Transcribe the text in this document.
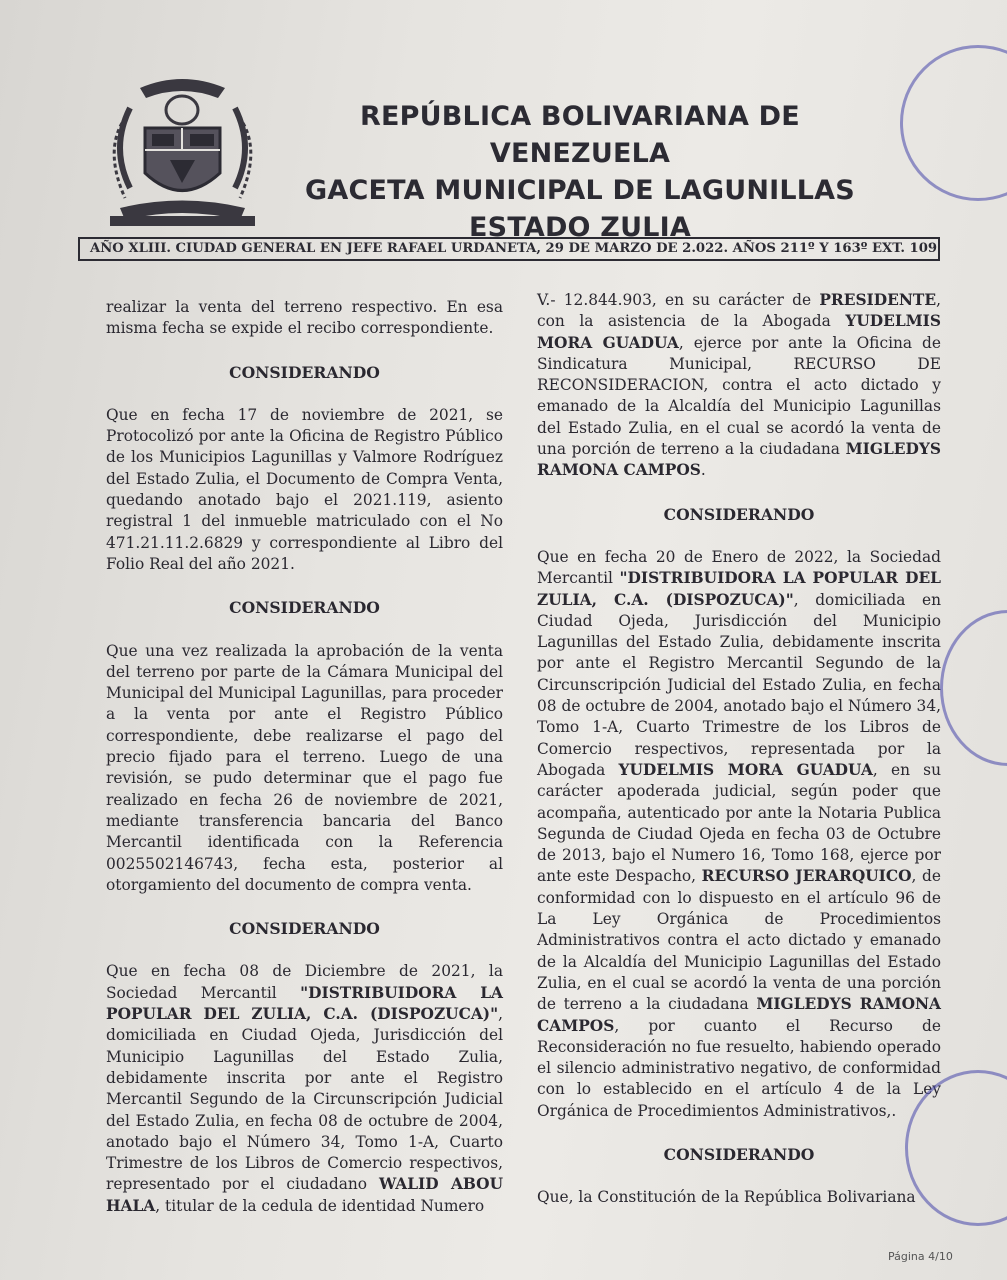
REPÚBLICA BOLIVARIANA DE VENEZUELA
GACETA MUNICIPAL DE LAGUNILLAS
ESTADO ZULIA
AÑO XLIII. CIUDAD GENERAL EN JEFE RAFAEL URDANETA, 29 DE MARZO DE 2.022. AÑOS 211º Y 163º EXT. 109

realizar la venta del terreno respectivo. En esa misma fecha se expide el recibo correspondiente.

CONSIDERANDO

Que en fecha 17 de noviembre de 2021, se Protocolizó por ante la Oficina de Registro Público de los Municipios Lagunillas y Valmore Rodríguez del Estado Zulia, el Documento de Compra Venta, quedando anotado bajo el 2021.119, asiento registral 1 del inmueble matriculado con el No 471.21.11.2.6829 y correspondiente al Libro del Folio Real del año 2021.

CONSIDERANDO

Que una vez realizada la aprobación de la venta del terreno por parte de la Cámara Municipal del Municipal del Municipal Lagunillas, para proceder a la venta por ante el Registro Público correspondiente, debe realizarse el pago del precio fijado para el terreno. Luego de una revisión, se pudo determinar que el pago fue realizado en fecha 26 de noviembre de 2021, mediante transferencia bancaria del Banco Mercantil identificada con la Referencia 0025502146743, fecha esta, posterior al otorgamiento del documento de compra venta.

CONSIDERANDO

Que en fecha 08 de Diciembre de 2021, la Sociedad Mercantil "DISTRIBUIDORA LA POPULAR DEL ZULIA, C.A. (DISPOZUCA)", domiciliada en Ciudad Ojeda, Jurisdicción del Municipio Lagunillas del Estado Zulia, debidamente inscrita por ante el Registro Mercantil Segundo de la Circunscripción Judicial del Estado Zulia, en fecha 08 de octubre de 2004, anotado bajo el Número 34, Tomo 1-A, Cuarto Trimestre de los Libros de Comercio respectivos, representado por el ciudadano WALID ABOU HALA, titular de la cedula de identidad Numero

V.- 12.844.903, en su carácter de PRESIDENTE, con la asistencia de la Abogada YUDELMIS MORA GUADUA, ejerce por ante la Oficina de Sindicatura Municipal, RECURSO DE RECONSIDERACION, contra el acto dictado y emanado de la Alcaldía del Municipio Lagunillas del Estado Zulia, en el cual se acordó la venta de una porción de terreno a la ciudadana MIGLEDYS RAMONA CAMPOS.

CONSIDERANDO

Que en fecha 20 de Enero de 2022, la Sociedad Mercantil "DISTRIBUIDORA LA POPULAR DEL ZULIA, C.A. (DISPOZUCA)", domiciliada en Ciudad Ojeda, Jurisdicción del Municipio Lagunillas del Estado Zulia, debidamente inscrita por ante el Registro Mercantil Segundo de la Circunscripción Judicial del Estado Zulia, en fecha 08 de octubre de 2004, anotado bajo el Número 34, Tomo 1-A, Cuarto Trimestre de los Libros de Comercio respectivos, representada por la Abogada YUDELMIS MORA GUADUA, en su carácter apoderada judicial, según poder que acompaña, autenticado por ante la Notaria Publica Segunda de Ciudad Ojeda en fecha 03 de Octubre de 2013, bajo el Numero 16, Tomo 168, ejerce por ante este Despacho, RECURSO JERARQUICO, de conformidad con lo dispuesto en el artículo 96 de La Ley Orgánica de Procedimientos Administrativos contra el acto dictado y emanado de la Alcaldía del Municipio Lagunillas del Estado Zulia, en el cual se acordó la venta de una porción de terreno a la ciudadana MIGLEDYS RAMONA CAMPOS, por cuanto el Recurso de Reconsideración no fue resuelto, habiendo operado el silencio administrativo negativo, de conformidad con lo establecido en el artículo 4 de la Ley Orgánica de Procedimientos Administrativos,.

CONSIDERANDO

Que, la Constitución de la República Bolivariana

Página 4/10
